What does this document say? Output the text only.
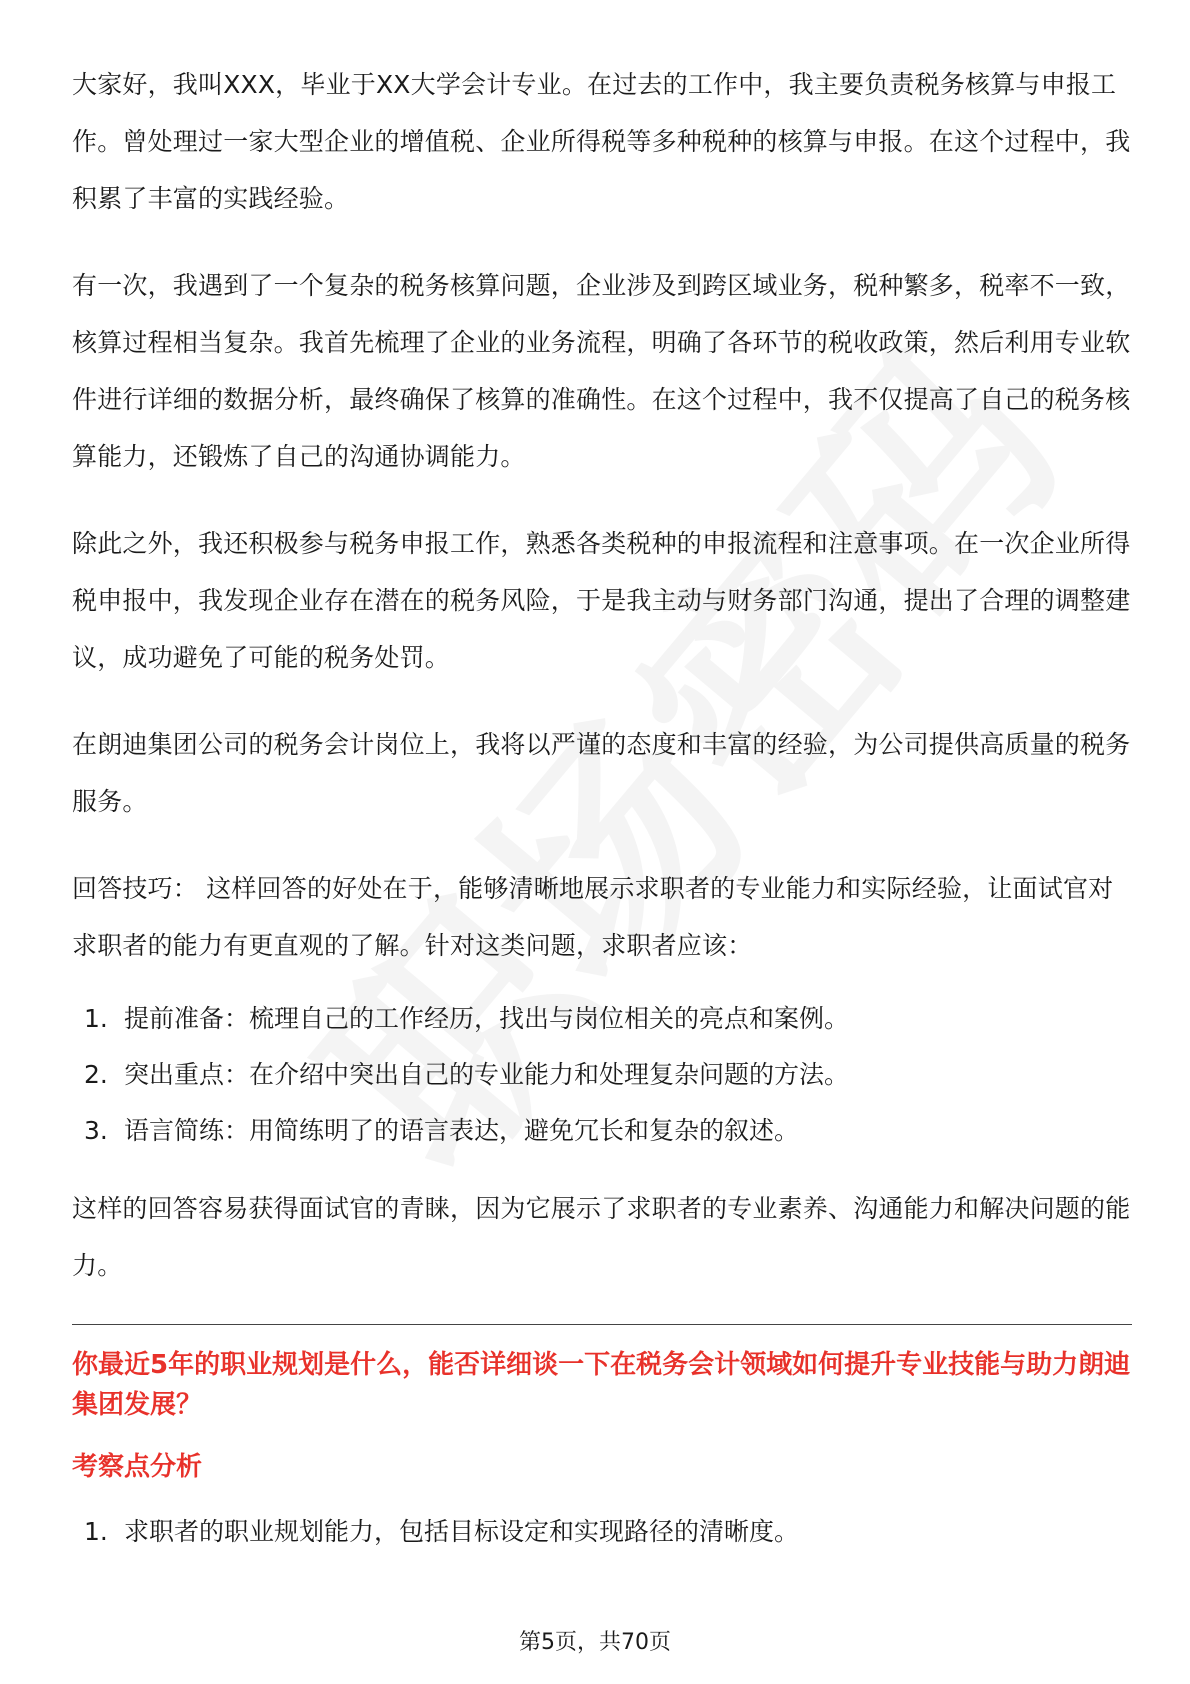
大家好，我叫XXX，毕业于XX大学会计专业。在过去的工作中，我主要负责税务核算与申报工作。曾处理过一家大型企业的增值税、企业所得税等多种税种的核算与申报。在这个过程中，我积累了丰富的实践经验。

有一次，我遇到了一个复杂的税务核算问题，企业涉及到跨区域业务，税种繁多，税率不一致，核算过程相当复杂。我首先梳理了企业的业务流程，明确了各环节的税收政策，然后利用专业软件进行详细的数据分析，最终确保了核算的准确性。在这个过程中，我不仅提高了自己的税务核算能力，还锻炼了自己的沟通协调能力。

除此之外，我还积极参与税务申报工作，熟悉各类税种的申报流程和注意事项。在一次企业所得税申报中，我发现企业存在潜在的税务风险，于是我主动与财务部门沟通，提出了合理的调整建议，成功避免了可能的税务处罚。

在朗迪集团公司的税务会计岗位上，我将以严谨的态度和丰富的经验，为公司提供高质量的税务服务。

回答技巧： 这样回答的好处在于，能够清晰地展示求职者的专业能力和实际经验，让面试官对求职者的能力有更直观的了解。针对这类问题，求职者应该：

1. 提前准备：梳理自己的工作经历，找出与岗位相关的亮点和案例。
2. 突出重点：在介绍中突出自己的专业能力和处理复杂问题的方法。
3. 语言简练：用简练明了的语言表达，避免冗长和复杂的叙述。

这样的回答容易获得面试官的青睐，因为它展示了求职者的专业素养、沟通能力和解决问题的能力。

你最近5年的职业规划是什么，能否详细谈一下在税务会计领域如何提升专业技能与助力朗迪集团发展？
考察点分析
1. 求职者的职业规划能力，包括目标设定和实现路径的清晰度。
第5页，共70页
